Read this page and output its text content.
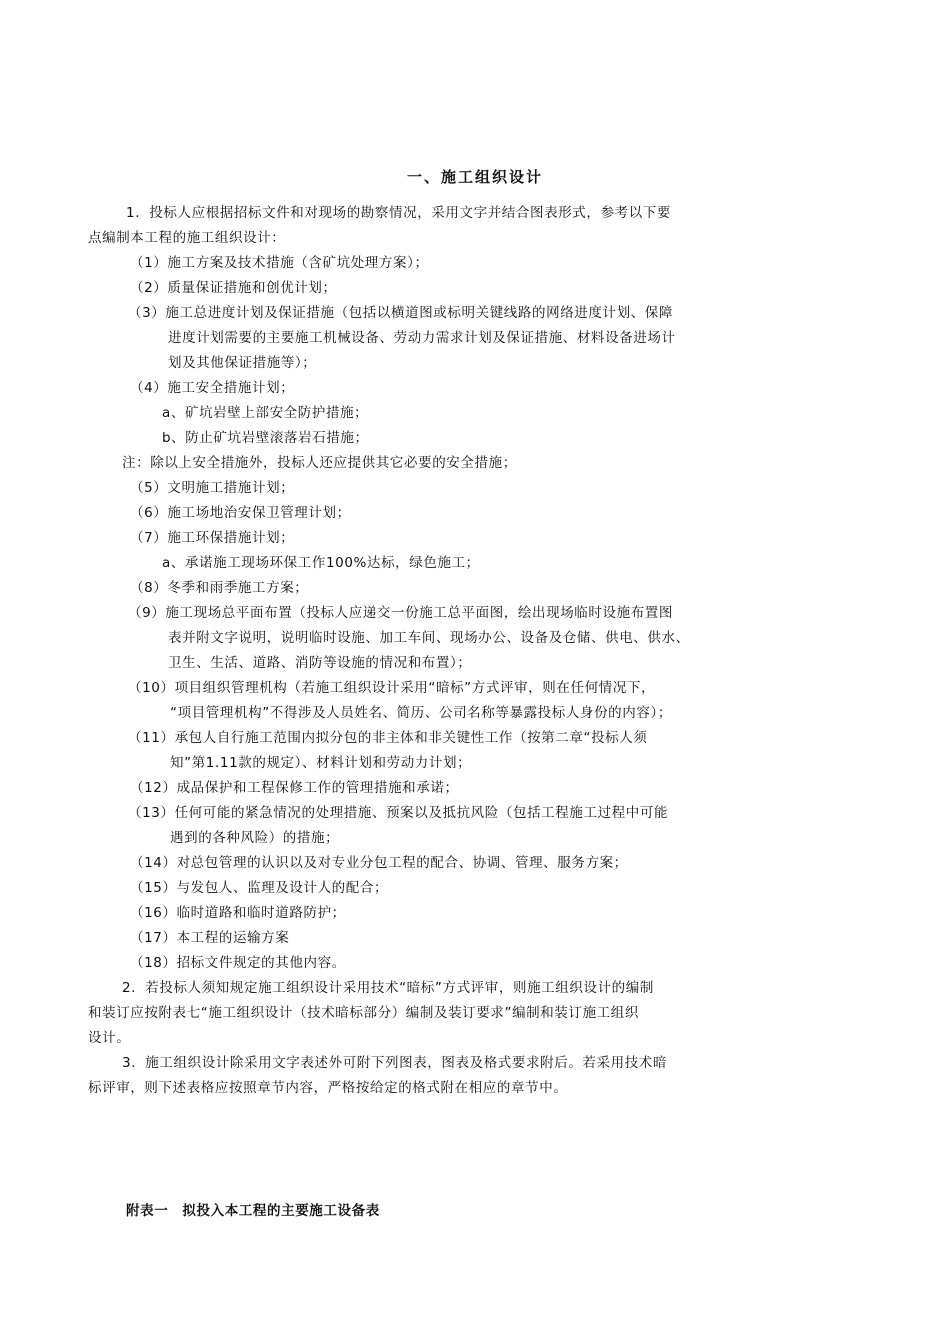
一、施工组织设计
1．投标人应根据招标文件和对现场的勘察情况，采用文字并结合图表形式，参考以下要
点编制本工程的施工组织设计：
（1）施工方案及技术措施（含矿坑处理方案）；
（2）质量保证措施和创优计划；
（3）施工总进度计划及保证措施（包括以横道图或标明关键线路的网络进度计划、保障
进度计划需要的主要施工机械设备、劳动力需求计划及保证措施、材料设备进场计
划及其他保证措施等）；
（4）施工安全措施计划；
a、矿坑岩壁上部安全防护措施；
b、防止矿坑岩壁滚落岩石措施；
注：除以上安全措施外，投标人还应提供其它必要的安全措施；
（5）文明施工措施计划；
（6）施工场地治安保卫管理计划；
（7）施工环保措施计划；
a、承诺施工现场环保工作100%达标，绿色施工；
（8）冬季和雨季施工方案；
（9）施工现场总平面布置（投标人应递交一份施工总平面图，绘出现场临时设施布置图
表并附文字说明，说明临时设施、加工车间、现场办公、设备及仓储、供电、供水、
卫生、生活、道路、消防等设施的情况和布置）；
（10）项目组织管理机构（若施工组织设计采用“暗标”方式评审，则在任何情况下，
“项目管理机构”不得涉及人员姓名、简历、公司名称等暴露投标人身份的内容）；
（11）承包人自行施工范围内拟分包的非主体和非关键性工作（按第二章“投标人须
知”第1.11款的规定）、材料计划和劳动力计划；
（12）成品保护和工程保修工作的管理措施和承诺；
（13）任何可能的紧急情况的处理措施、预案以及抵抗风险（包括工程施工过程中可能
遇到的各种风险）的措施；
（14）对总包管理的认识以及对专业分包工程的配合、协调、管理、服务方案；
（15）与发包人、监理及设计人的配合；
（16）临时道路和临时道路防护；
（17）本工程的运输方案
（18）招标文件规定的其他内容。
2．若投标人须知规定施工组织设计采用技术“暗标”方式评审，则施工组织设计的编制
和装订应按附表七“施工组织设计（技术暗标部分）编制及装订要求”编制和装订施工组织
设计。
3．施工组织设计除采用文字表述外可附下列图表，图表及格式要求附后。若采用技术暗
标评审，则下述表格应按照章节内容，严格按给定的格式附在相应的章节中。
附表一　拟投入本工程的主要施工设备表
